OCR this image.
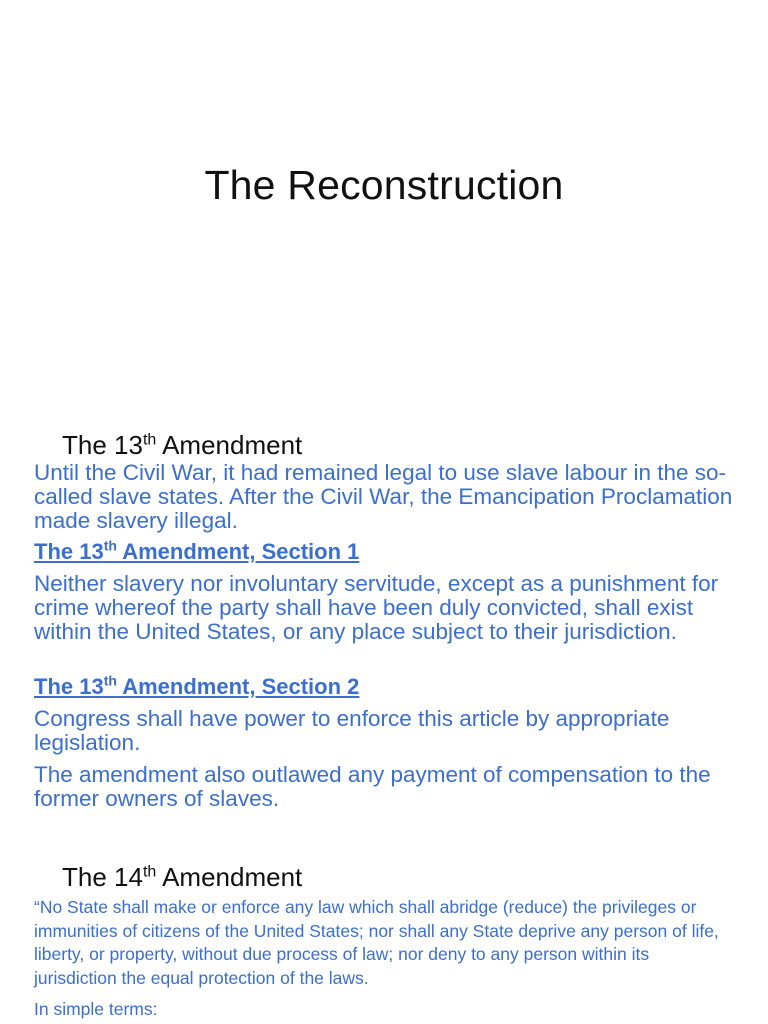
The Reconstruction
The 13th Amendment

Until the Civil War, it had remained legal to use slave labour in the so-called slave states. After the Civil War, the Emancipation Proclamation made slavery illegal.

The 13th Amendment, Section 1

Neither slavery nor involuntary servitude, except as a punishment for crime whereof the party shall have been duly convicted, shall exist within the United States, or any place subject to their jurisdiction.

The 13th Amendment, Section 2

Congress shall have power to enforce this article by appropriate legislation.

The amendment also outlawed any payment of compensation to the former owners of slaves.

The 14th Amendment

“No State shall make or enforce any law which shall abridge (reduce) the privileges or immunities of citizens of the United States; nor shall any State deprive any person of life, liberty, or property, without due process of law; nor deny to any person within its jurisdiction the equal protection of the laws.

In simple terms:
